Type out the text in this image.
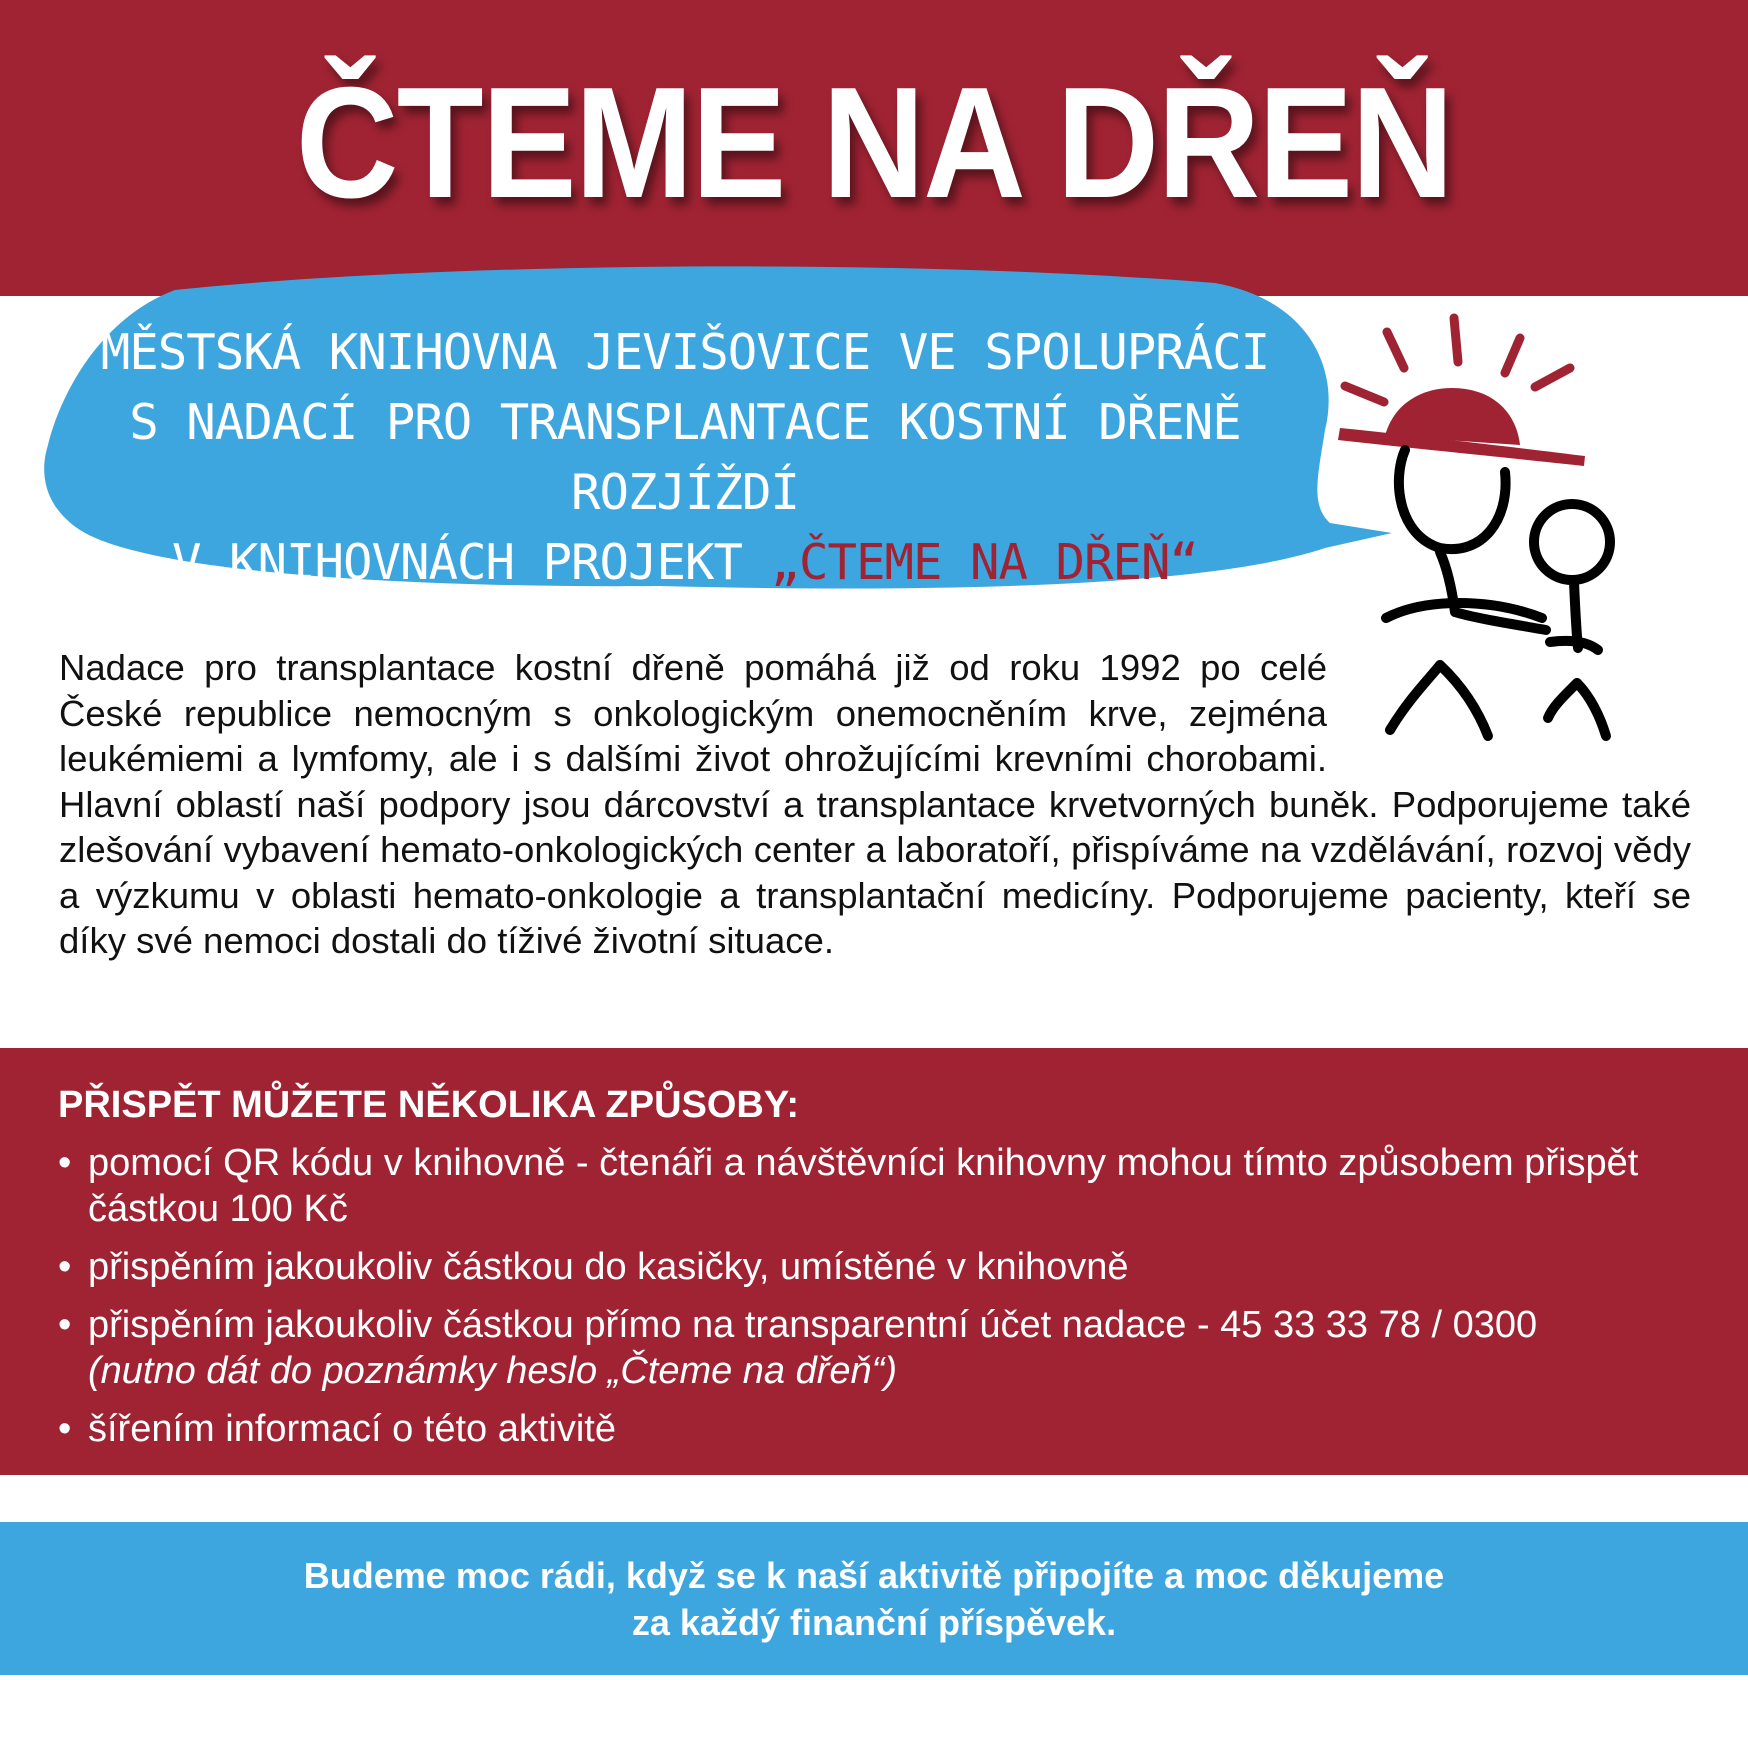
ČTEME NA DŘEŇ
MĚSTSKÁ KNIHOVNA JEVIŠOVICE VE SPOLUPRÁCI
S NADACÍ PRO TRANSPLANTACE KOSTNÍ DŘENĚ ROZJÍŽDÍ
V KNIHOVNÁCH PROJEKT „ČTEME NA DŘEŇ“

Nadace pro transplantace kostní dřeně pomáhá již od roku 1992 po celé České republice nemocným s onkologickým onemocněním krve, zejména leukémiemi a lymfomy, ale i s dalšími život ohrožujícími krevními chorobami. Hlavní oblastí naší podpory jsou dárcovství a transplantace krvetvorných buněk. Podporujeme také zlešování vybavení hemato-onkologických center a laboratoří, přispíváme na vzdělávání, rozvoj vědy a výzkumu v oblasti hemato-onkologie a transplantační medicíny. Podporujeme pacienty, kteří se díky své nemoci dostali do tíživé životní situace.

PŘISPĚT MŮŽETE NĚKOLIKA ZPŮSOBY:
• pomocí QR kódu v knihovně - čtenáři a návštěvníci knihovny mohou tímto způsobem přispět částkou 100 Kč
• přispěním jakoukoliv částkou do kasičky, umístěné v knihovně
• přispěním jakoukoliv částkou přímo na transparentní účet nadace - 45 33 33 78 / 0300
(nutno dát do poznámky heslo „Čteme na dřeň“)
• šířením informací o této aktivitě
Budeme moc rádi, když se k naší aktivitě připojíte a moc děkujeme
za každý finanční příspěvek.
